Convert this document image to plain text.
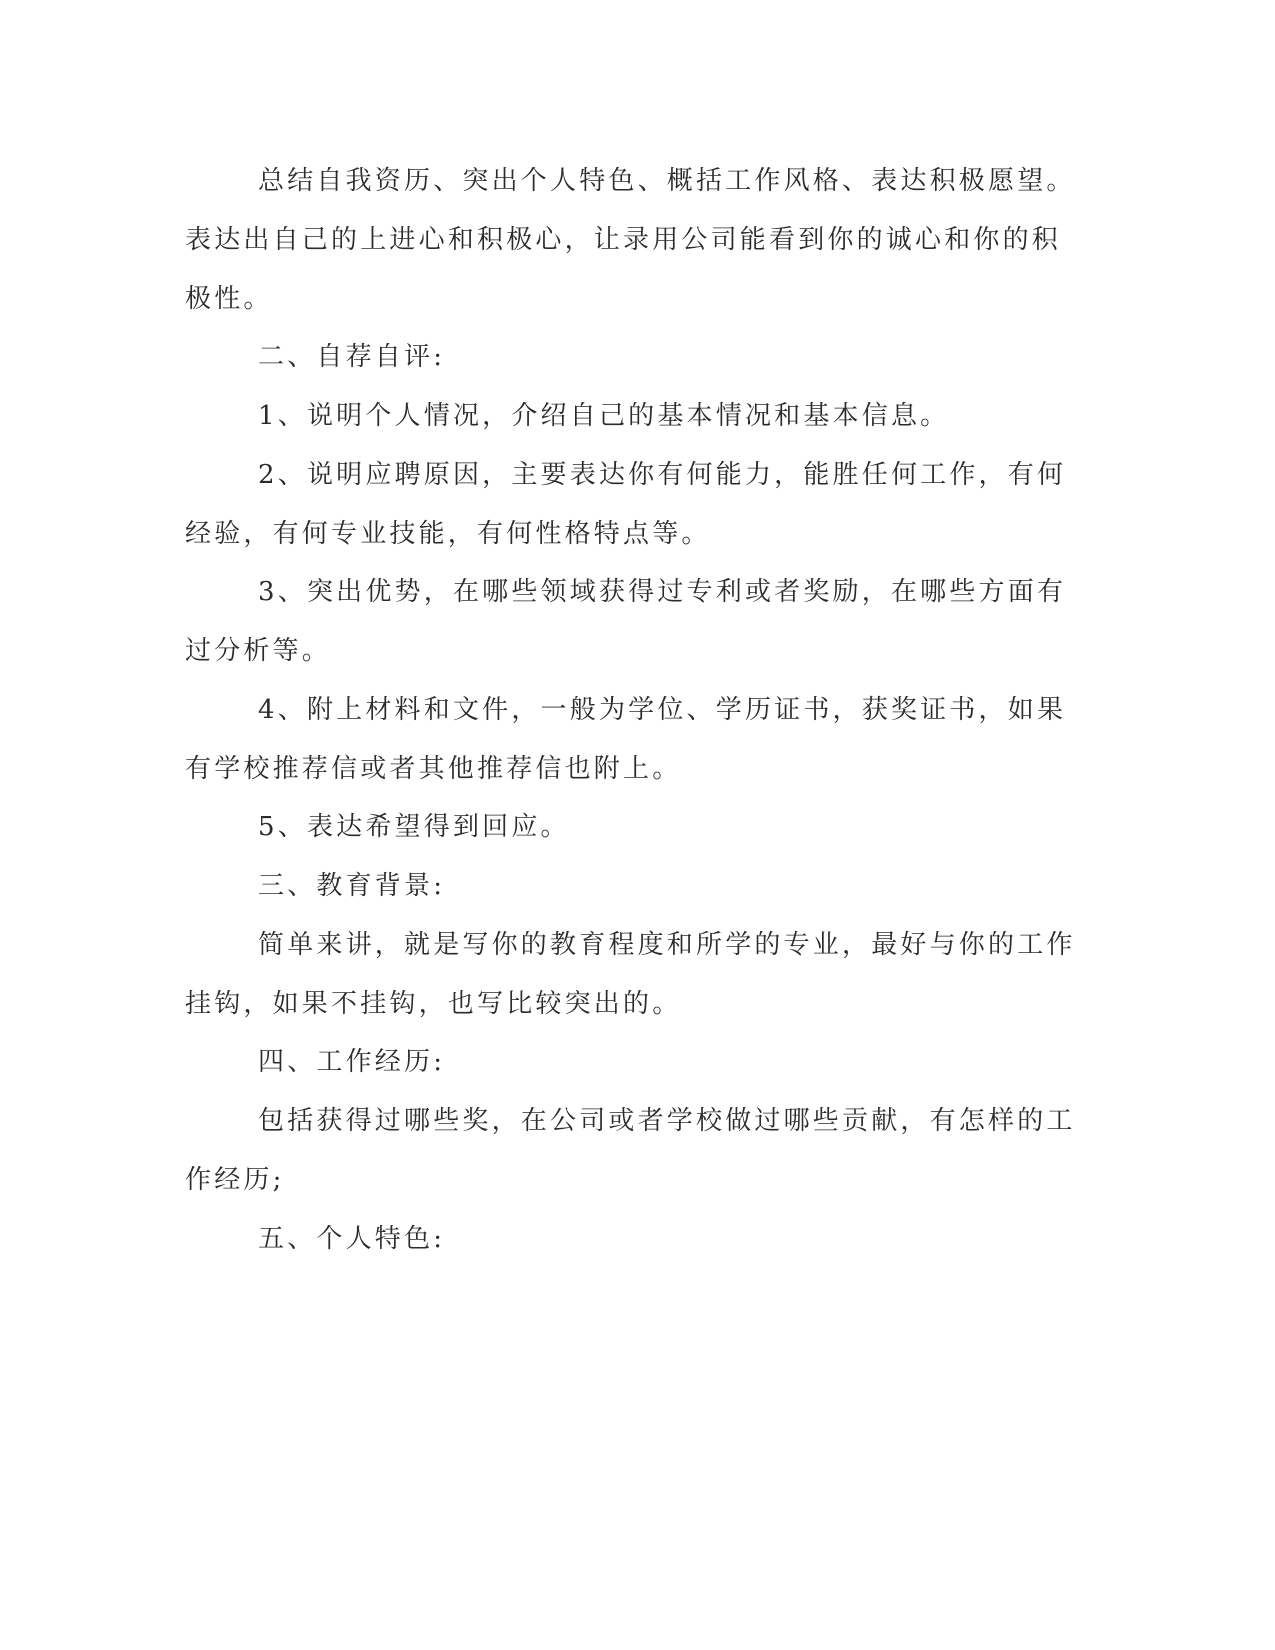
总结自我资历、突出个人特色、概括工作风格、表达积极愿望。

表达出自己的上进心和积极心，让录用公司能看到你的诚心和你的积

极性。

二、自荐自评:

1、说明个人情况，介绍自己的基本情况和基本信息。

2、说明应聘原因，主要表达你有何能力，能胜任何工作，有何

经验，有何专业技能，有何性格特点等。

3、突出优势，在哪些领域获得过专利或者奖励，在哪些方面有

过分析等。

4、附上材料和文件，一般为学位、学历证书，获奖证书，如果

有学校推荐信或者其他推荐信也附上。

5、表达希望得到回应。

三、教育背景:

简单来讲，就是写你的教育程度和所学的专业，最好与你的工作

挂钩，如果不挂钩，也写比较突出的。

四、工作经历:

包括获得过哪些奖，在公司或者学校做过哪些贡献，有怎样的工

作经历;

五、个人特色:
